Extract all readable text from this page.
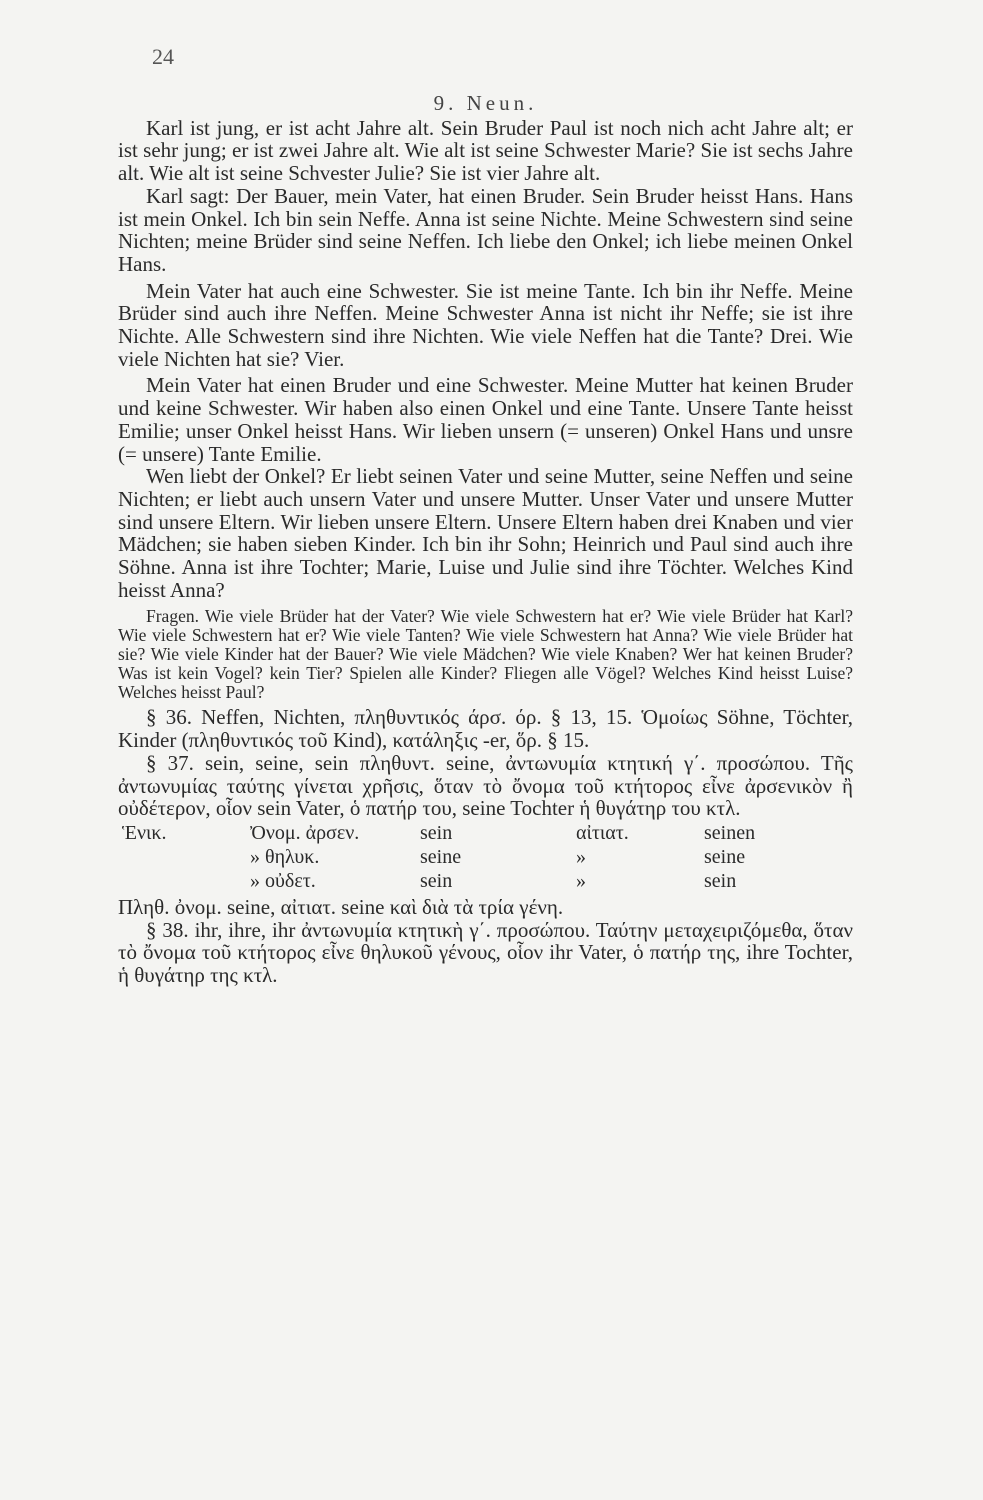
24
9. Neun.

Karl ist jung, er ist acht Jahre alt. Sein Bruder Paul ist noch nich acht Jahre alt; er ist sehr jung; er ist zwei Jahre alt. Wie alt ist seine Schwester Marie? Sie ist sechs Jahre alt. Wie alt ist seine Schvester Julie? Sie ist vier Jahre alt.

Karl sagt: Der Bauer, mein Vater, hat einen Bruder. Sein Bruder heisst Hans. Hans ist mein Onkel. Ich bin sein Neffe. Anna ist seine Nichte. Meine Schwestern sind seine Nichten; meine Brüder sind seine Neffen. Ich liebe den Onkel; ich liebe meinen Onkel Hans.

Mein Vater hat auch eine Schwester. Sie ist meine Tante. Ich bin ihr Neffe. Meine Brüder sind auch ihre Neffen. Meine Schwester Anna ist nicht ihr Neffe; sie ist ihre Nichte. Alle Schwestern sind ihre Nichten. Wie viele Neffen hat die Tante? Drei. Wie viele Nichten hat sie? Vier.

Mein Vater hat einen Bruder und eine Schwester. Meine Mutter hat keinen Bruder und keine Schwester. Wir haben also einen Onkel und eine Tante. Unsere Tante heisst Emilie; unser Onkel heisst Hans. Wir lieben unsern (= unseren) Onkel Hans und unsre (= unsere) Tante Emilie.

Wen liebt der Onkel? Er liebt seinen Vater und seine Mutter, seine Neffen und seine Nichten; er liebt auch unsern Vater und unsere Mutter. Unser Vater und unsere Mutter sind unsere Eltern. Wir lieben unsere Eltern. Unsere Eltern haben drei Knaben und vier Mädchen; sie haben sieben Kinder. Ich bin ihr Sohn; Heinrich und Paul sind auch ihre Söhne. Anna ist ihre Tochter; Marie, Luise und Julie sind ihre Töchter. Welches Kind heisst Anna?

Fragen. Wie viele Brüder hat der Vater? Wie viele Schwestern hat er? Wie viele Brüder hat Karl? Wie viele Schwestern hat er? Wie viele Tanten? Wie viele Schwestern hat Anna? Wie viele Brüder hat sie? Wie viele Kinder hat der Bauer? Wie viele Mädchen? Wie viele Knaben? Wer hat keinen Bruder? Was ist kein Vogel? kein Tier? Spielen alle Kinder? Fliegen alle Vögel? Welches Kind heisst Luise? Welches heisst Paul?

§ 36. Neffen, Nichten, πληθυντικός άρσ. όρ. § 13, 15. Ὁμοίως Söhne, Töchter, Kinder (πληθυντικός τοῦ Kind), κατάληξις -er, ὅρ. § 15.

§ 37. sein, seine, sein πληθυντ. seine, ἀντωνυμία κτητική γ΄. προσώπου. Τῆς ἀντωνυμίας ταύτης γίνεται χρῆσις, ὅταν τὸ ὄνομα τοῦ κτήτορος εἶνε ἀρσενικὸν ἢ οὐδέτερον, οἷον sein Vater, ὁ πατήρ του, seine Tochter ἡ θυγάτηρ του κτλ.

Ἑνικ.	Ὀνομ. ἀρσεν.	sein	αἰτιατ.	seinen
	» θηλυκ.	seine	»	seine
	» οὐδετ.	sein	»	sein

Πληθ. ὀνομ. seine, αἰτιατ. seine καὶ διὰ τὰ τρία γένη.

§ 38. ihr, ihre, ihr ἀντωνυμία κτητικὴ γ΄. προσώπου. Ταύτην μεταχειριζόμεθα, ὅταν τὸ ὄνομα τοῦ κτήτορος εἶνε θηλυκοῦ γένους, οἷον ihr Vater, ὁ πατήρ της, ihre Tochter, ἡ θυγάτηρ της κτλ.
